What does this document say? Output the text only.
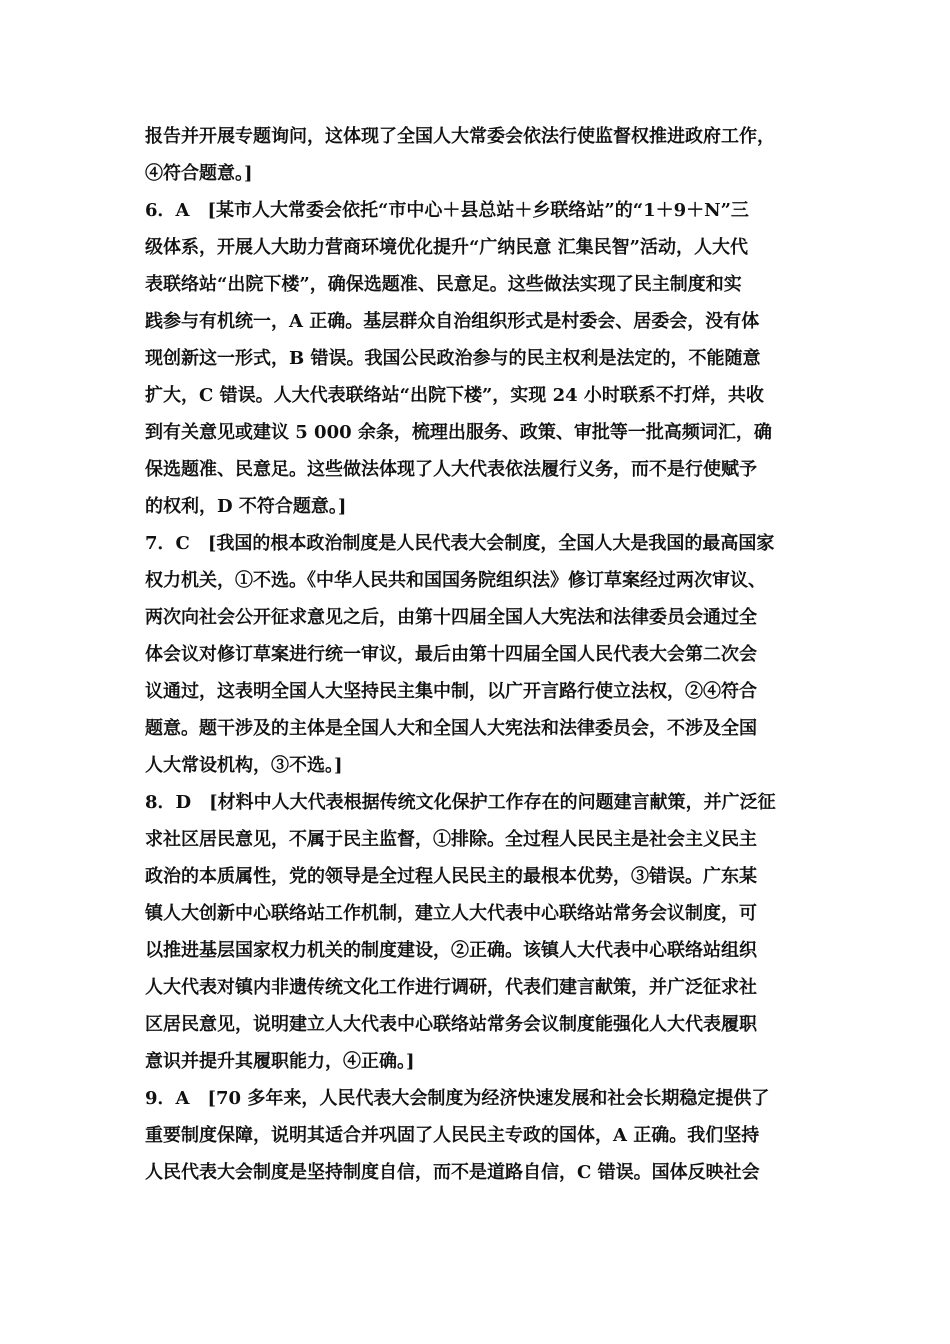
报告并开展专题询问，这体现了全国人大常委会依法行使监督权推进政府工作，
④符合题意。]
6．A　[某市人大常委会依托“市中心＋县总站＋乡联络站”的“1＋9＋N”三
级体系，开展人大助力营商环境优化提升“广纳民意 汇集民智”活动，人大代
表联络站“出院下楼”，确保选题准、民意足。这些做法实现了民主制度和实
践参与有机统一，A 正确。基层群众自治组织形式是村委会、居委会，没有体
现创新这一形式，B 错误。我国公民政治参与的民主权利是法定的，不能随意
扩大，C 错误。人大代表联络站“出院下楼”，实现 24 小时联系不打烊，共收
到有关意见或建议 5 000 余条，梳理出服务、政策、审批等一批高频词汇，确
保选题准、民意足。这些做法体现了人大代表依法履行义务，而不是行使赋予
的权利，D 不符合题意。]
7．C　[我国的根本政治制度是人民代表大会制度，全国人大是我国的最高国家
权力机关，①不选。《中华人民共和国国务院组织法》修订草案经过两次审议、
两次向社会公开征求意见之后，由第十四届全国人大宪法和法律委员会通过全
体会议对修订草案进行统一审议，最后由第十四届全国人民代表大会第二次会
议通过，这表明全国人大坚持民主集中制，以广开言路行使立法权，②④符合
题意。题干涉及的主体是全国人大和全国人大宪法和法律委员会，不涉及全国
人大常设机构，③不选。]
8．D　[材料中人大代表根据传统文化保护工作存在的问题建言献策，并广泛征
求社区居民意见，不属于民主监督，①排除。全过程人民民主是社会主义民主
政治的本质属性，党的领导是全过程人民民主的最根本优势，③错误。广东某
镇人大创新中心联络站工作机制，建立人大代表中心联络站常务会议制度，可
以推进基层国家权力机关的制度建设，②正确。该镇人大代表中心联络站组织
人大代表对镇内非遗传统文化工作进行调研，代表们建言献策，并广泛征求社
区居民意见，说明建立人大代表中心联络站常务会议制度能强化人大代表履职
意识并提升其履职能力，④正确。]
9．A　[70 多年来，人民代表大会制度为经济快速发展和社会长期稳定提供了
重要制度保障，说明其适合并巩固了人民民主专政的国体，A 正确。我们坚持
人民代表大会制度是坚持制度自信，而不是道路自信，C 错误。国体反映社会
